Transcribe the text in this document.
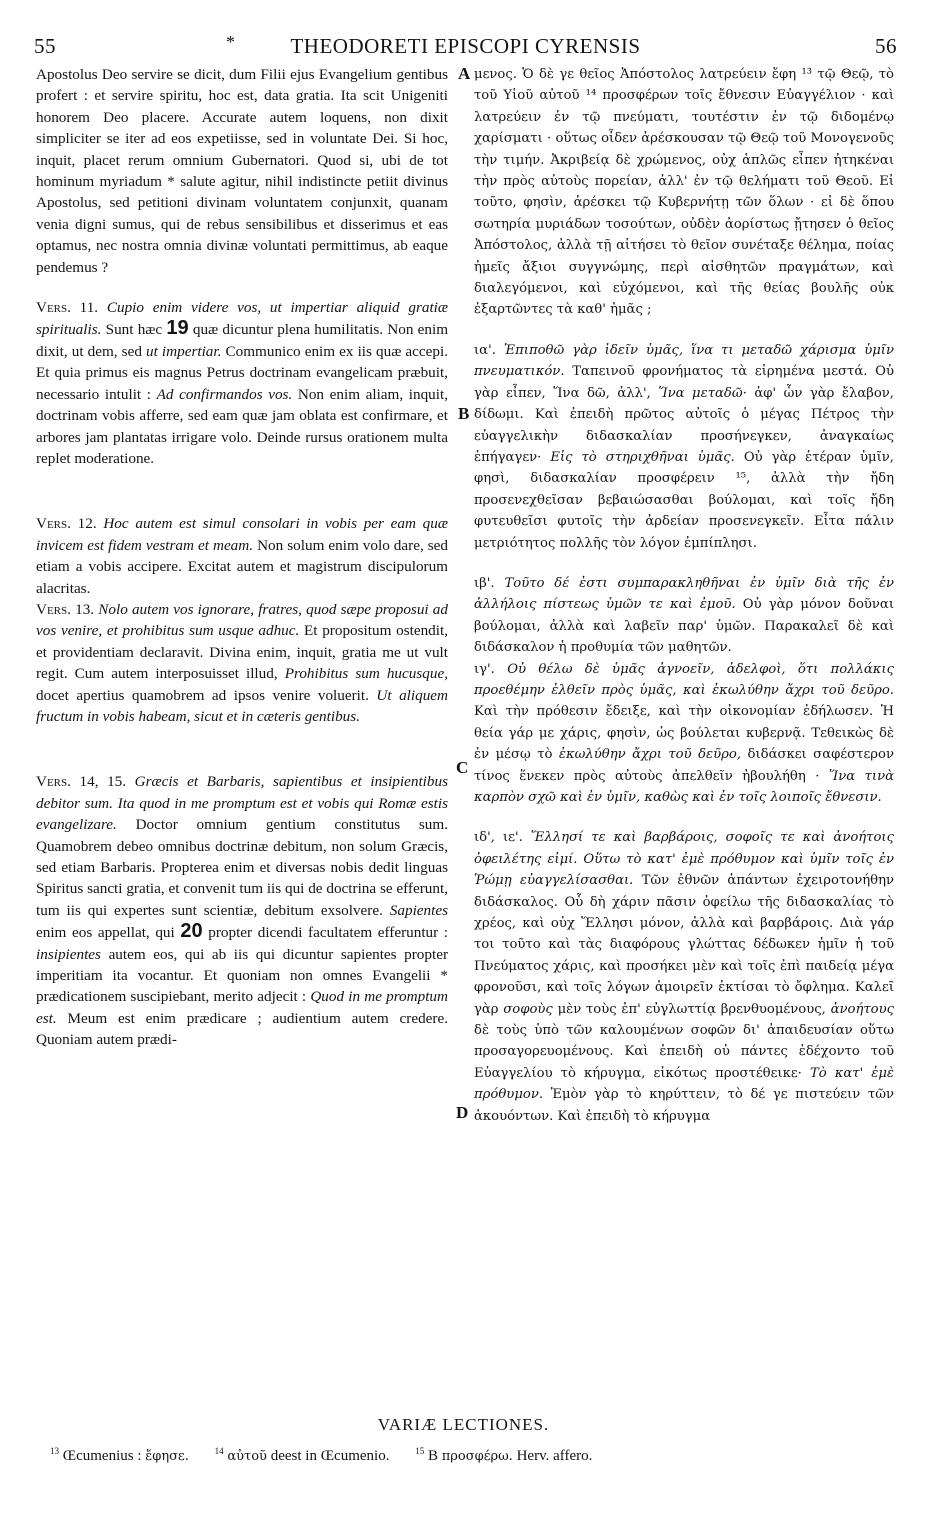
55	*	THEODORETI EPISCOPI CYRENSIS	56
A
B
C
D

Apostolus Deo servire se dicit, dum Filii ejus Evangelium gentibus profert : et servire spiritu, hoc est, data gratia. Ita scit Unigeniti honorem Deo placere. Accurate autem loquens, non dixit simpliciter se iter ad eos expetiisse, sed in voluntate Dei. Si hoc, inquit, placet rerum omnium Gubernatori. Quod si, ubi de tot hominum myriadum * salute agitur, nihil indistincte petiit divinus Apostolus, sed petitioni divinam voluntatem conjunxit, quanam venia digni sumus, qui de rebus sensibilibus et disserimus et eas optamus, nec nostra omnia divinæ voluntati permittimus, ab eaque pendemus ?

Vers. 11. Cupio enim videre vos, ut impertiar aliquid gratiæ spiritualis. Sunt hæc 19 quæ dicuntur plena humilitatis. Non enim dixit, ut dem, sed ut impertiar. Communico enim ex iis quæ accepi. Et quia primus eis magnus Petrus doctrinam evangelicam præbuit, necessario intulit : Ad confirmandos vos. Non enim aliam, inquit, doctrinam vobis afferre, sed eam quæ jam oblata est confirmare, et arbores jam plantatas irrigare volo. Deinde rursus orationem multa replet moderatione.

Vers. 12. Hoc autem est simul consolari in vobis per eam quæ invicem est fidem vestram et meam. Non solum enim volo dare, sed etiam a vobis accipere. Excitat autem et magistrum discipulorum alacritas.

Vers. 13. Nolo autem vos ignorare, fratres, quod sæpe proposui ad vos venire, et prohibitus sum usque adhuc. Et propositum ostendit, et providentiam declaravit. Divina enim, inquit, gratia me ut vult regit. Cum autem interposuisset illud, Prohibitus sum hucusque, docet apertius quamobrem ad ipsos venire voluerit. Ut aliquem fructum in vobis habeam, sicut et in cæteris gentibus.

Vers. 14, 15. Græcis et Barbaris, sapientibus et insipientibus debitor sum. Ita quod in me promptum est et vobis qui Romæ estis evangelizare. Doctor omnium gentium constitutus sum. Quamobrem debeo omnibus doctrinæ debitum, non solum Græcis, sed etiam Barbaris. Propterea enim et diversas nobis dedit linguas Spiritus sancti gratia, et convenit tum iis qui de doctrina se efferunt, tum iis qui expertes sunt scientiæ, debitum exsolvere. Sapientes enim eos appellat, qui 20 propter dicendi facultatem efferuntur : insipientes autem eos, qui ab iis qui dicuntur sapientes propter imperitiam ita vocantur. Et quoniam non omnes Evangelii * prædicationem suscipiebant, merito adjecit : Quod in me promptum est. Meum est enim prædicare ; audientium autem credere. Quoniam autem prædi-

μενος. Ὁ δὲ γε θεῖος Ἀπόστολος λατρεύειν ἔφη ¹³ τῷ Θεῷ, τὸ τοῦ Υἱοῦ αὐτοῦ ¹⁴ προσφέρων τοῖς ἔθνεσιν Εὐαγγέλιον · καὶ λατρεύειν ἐν τῷ πνεύματι, τουτέστιν ἐν τῷ διδομένῳ χαρίσματι · οὕτως οἶδεν ἀρέσκουσαν τῷ Θεῷ τοῦ Μονογενοῦς τὴν τιμήν. Ἀκριβείᾳ δὲ χρώμενος, οὐχ ἁπλῶς εἶπεν ἠτηκέναι τὴν πρὸς αὐτοὺς πορείαν, ἀλλ' ἐν τῷ θελήματι τοῦ Θεοῦ. Εἰ τοῦτο, φησὶν, ἀρέσκει τῷ Κυβερνήτῃ τῶν ὅλων · εἰ δὲ ὅπου σωτηρία μυριάδων τοσούτων, οὐδὲν ἀορίστως ᾔτησεν ὁ θεῖος Ἀπόστολος, ἀλλὰ τῇ αἰτήσει τὸ θεῖον συνέταξε θέλημα, ποίας ἡμεῖς ἄξιοι συγγνώμης, περὶ αἰσθητῶν πραγμάτων, καὶ διαλεγόμενοι, καὶ εὐχόμενοι, καὶ τῆς θείας βουλῆς οὐκ ἐξαρτῶντες τὰ καθ' ἡμᾶς ;

ια'. Ἐπιποθῶ γὰρ ἰδεῖν ὑμᾶς, ἵνα τι μεταδῶ χάρισμα ὑμῖν πνευματικόν. Ταπεινοῦ φρονήματος τὰ εἰρημένα μεστά. Οὐ γὰρ εἶπεν, Ἵνα δῶ, ἀλλ', Ἵνα μεταδῶ· ἀφ' ὧν γὰρ ἔλαβον, δίδωμι. Καὶ ἐπειδὴ πρῶτος αὐτοῖς ὁ μέγας Πέτρος τὴν εὐαγγελικὴν διδασκαλίαν προσήνεγκεν, ἀναγκαίως ἐπήγαγεν· Εἰς τὸ στηριχθῆναι ὑμᾶς. Οὐ γὰρ ἑτέραν ὑμῖν, φησὶ, διδασκαλίαν προσφέρειν ¹⁵, ἀλλὰ τὴν ἤδη προσενεχθεῖσαν βεβαιώσασθαι βούλομαι, καὶ τοῖς ἤδη φυτευθεῖσι φυτοῖς τὴν ἀρδείαν προσενεγκεῖν. Εἶτα πάλιν μετριότητος πολλῆς τὸν λόγον ἐμπίπλησι.

ιβ'. Τοῦτο δέ ἐστι συμπαρακληθῆναι ἐν ὑμῖν διὰ τῆς ἐν ἀλλήλοις πίστεως ὑμῶν τε καὶ ἐμοῦ. Οὐ γὰρ μόνον δοῦναι βούλομαι, ἀλλὰ καὶ λαβεῖν παρ' ὑμῶν. Παρακαλεῖ δὲ καὶ διδάσκαλον ἡ προθυμία τῶν μαθητῶν.

ιγ'. Οὐ θέλω δὲ ὑμᾶς ἀγνοεῖν, ἀδελφοὶ, ὅτι πολλάκις προεθέμην ἐλθεῖν πρὸς ὑμᾶς, καὶ ἐκωλύθην ἄχρι τοῦ δεῦρο. Καὶ τὴν πρόθεσιν ἔδειξε, καὶ τὴν οἰκονομίαν ἐδήλωσεν. Ἡ θεία γάρ με χάρις, φησὶν, ὡς βούλεται κυβερνᾷ. Τεθεικὼς δὲ ἐν μέσῳ τὸ ἐκωλύθην ἄχρι τοῦ δεῦρο, διδάσκει σαφέστερον τίνος ἕνεκεν πρὸς αὐτοὺς ἀπελθεῖν ἠβουλήθη · Ἵνα τινὰ καρπὸν σχῶ καὶ ἐν ὑμῖν, καθὼς καὶ ἐν τοῖς λοιποῖς ἔθνεσιν.

ιδ', ιε'. Ἕλλησί τε καὶ βαρβάροις, σοφοῖς τε καὶ ἀνοήτοις ὀφειλέτης εἰμί. Οὕτω τὸ κατ' ἐμὲ πρόθυμον καὶ ὑμῖν τοῖς ἐν Ῥώμῃ εὐαγγελίσασθαι. Τῶν ἐθνῶν ἁπάντων ἐχειροτονήθην διδάσκαλος. Οὗ δὴ χάριν πᾶσιν ὀφείλω τῆς διδασκαλίας τὸ χρέος, καὶ οὐχ Ἕλλησι μόνον, ἀλλὰ καὶ βαρβάροις. Διὰ γάρ τοι τοῦτο καὶ τὰς διαφόρους γλώττας δέδωκεν ἡμῖν ἡ τοῦ Πνεύματος χάρις, καὶ προσήκει μὲν καὶ τοῖς ἐπὶ παιδείᾳ μέγα φρονοῦσι, καὶ τοῖς λόγων ἀμοιρεῖν ἐκτίσαι τὸ ὄφλημα. Καλεῖ γὰρ σοφοὺς μὲν τοὺς ἐπ' εὐγλωττίᾳ βρενθυομένους, ἀνοήτους δὲ τοὺς ὑπὸ τῶν καλουμένων σοφῶν δι' ἀπαιδευσίαν οὕτω προσαγορευομένους. Καὶ ἐπειδὴ οὐ πάντες ἐδέχοντο τοῦ Εὐαγγελίου τὸ κήρυγμα, εἰκότως προστέθεικε· Τὸ κατ' ἐμὲ πρόθυμον. Ἐμὸν γὰρ τὸ κηρύττειν, τὸ δέ γε πιστεύειν τῶν ἀκουόντων. Καὶ ἐπειδὴ τὸ κήρυγμα

VARIÆ LECTIONES.
$^{13}$ Œcumenius : ἔφησε.	$^{14}$ αὐτοῦ deest in Œcumenio.	$^{15}$ B προσφέρω. Herv. affero.
